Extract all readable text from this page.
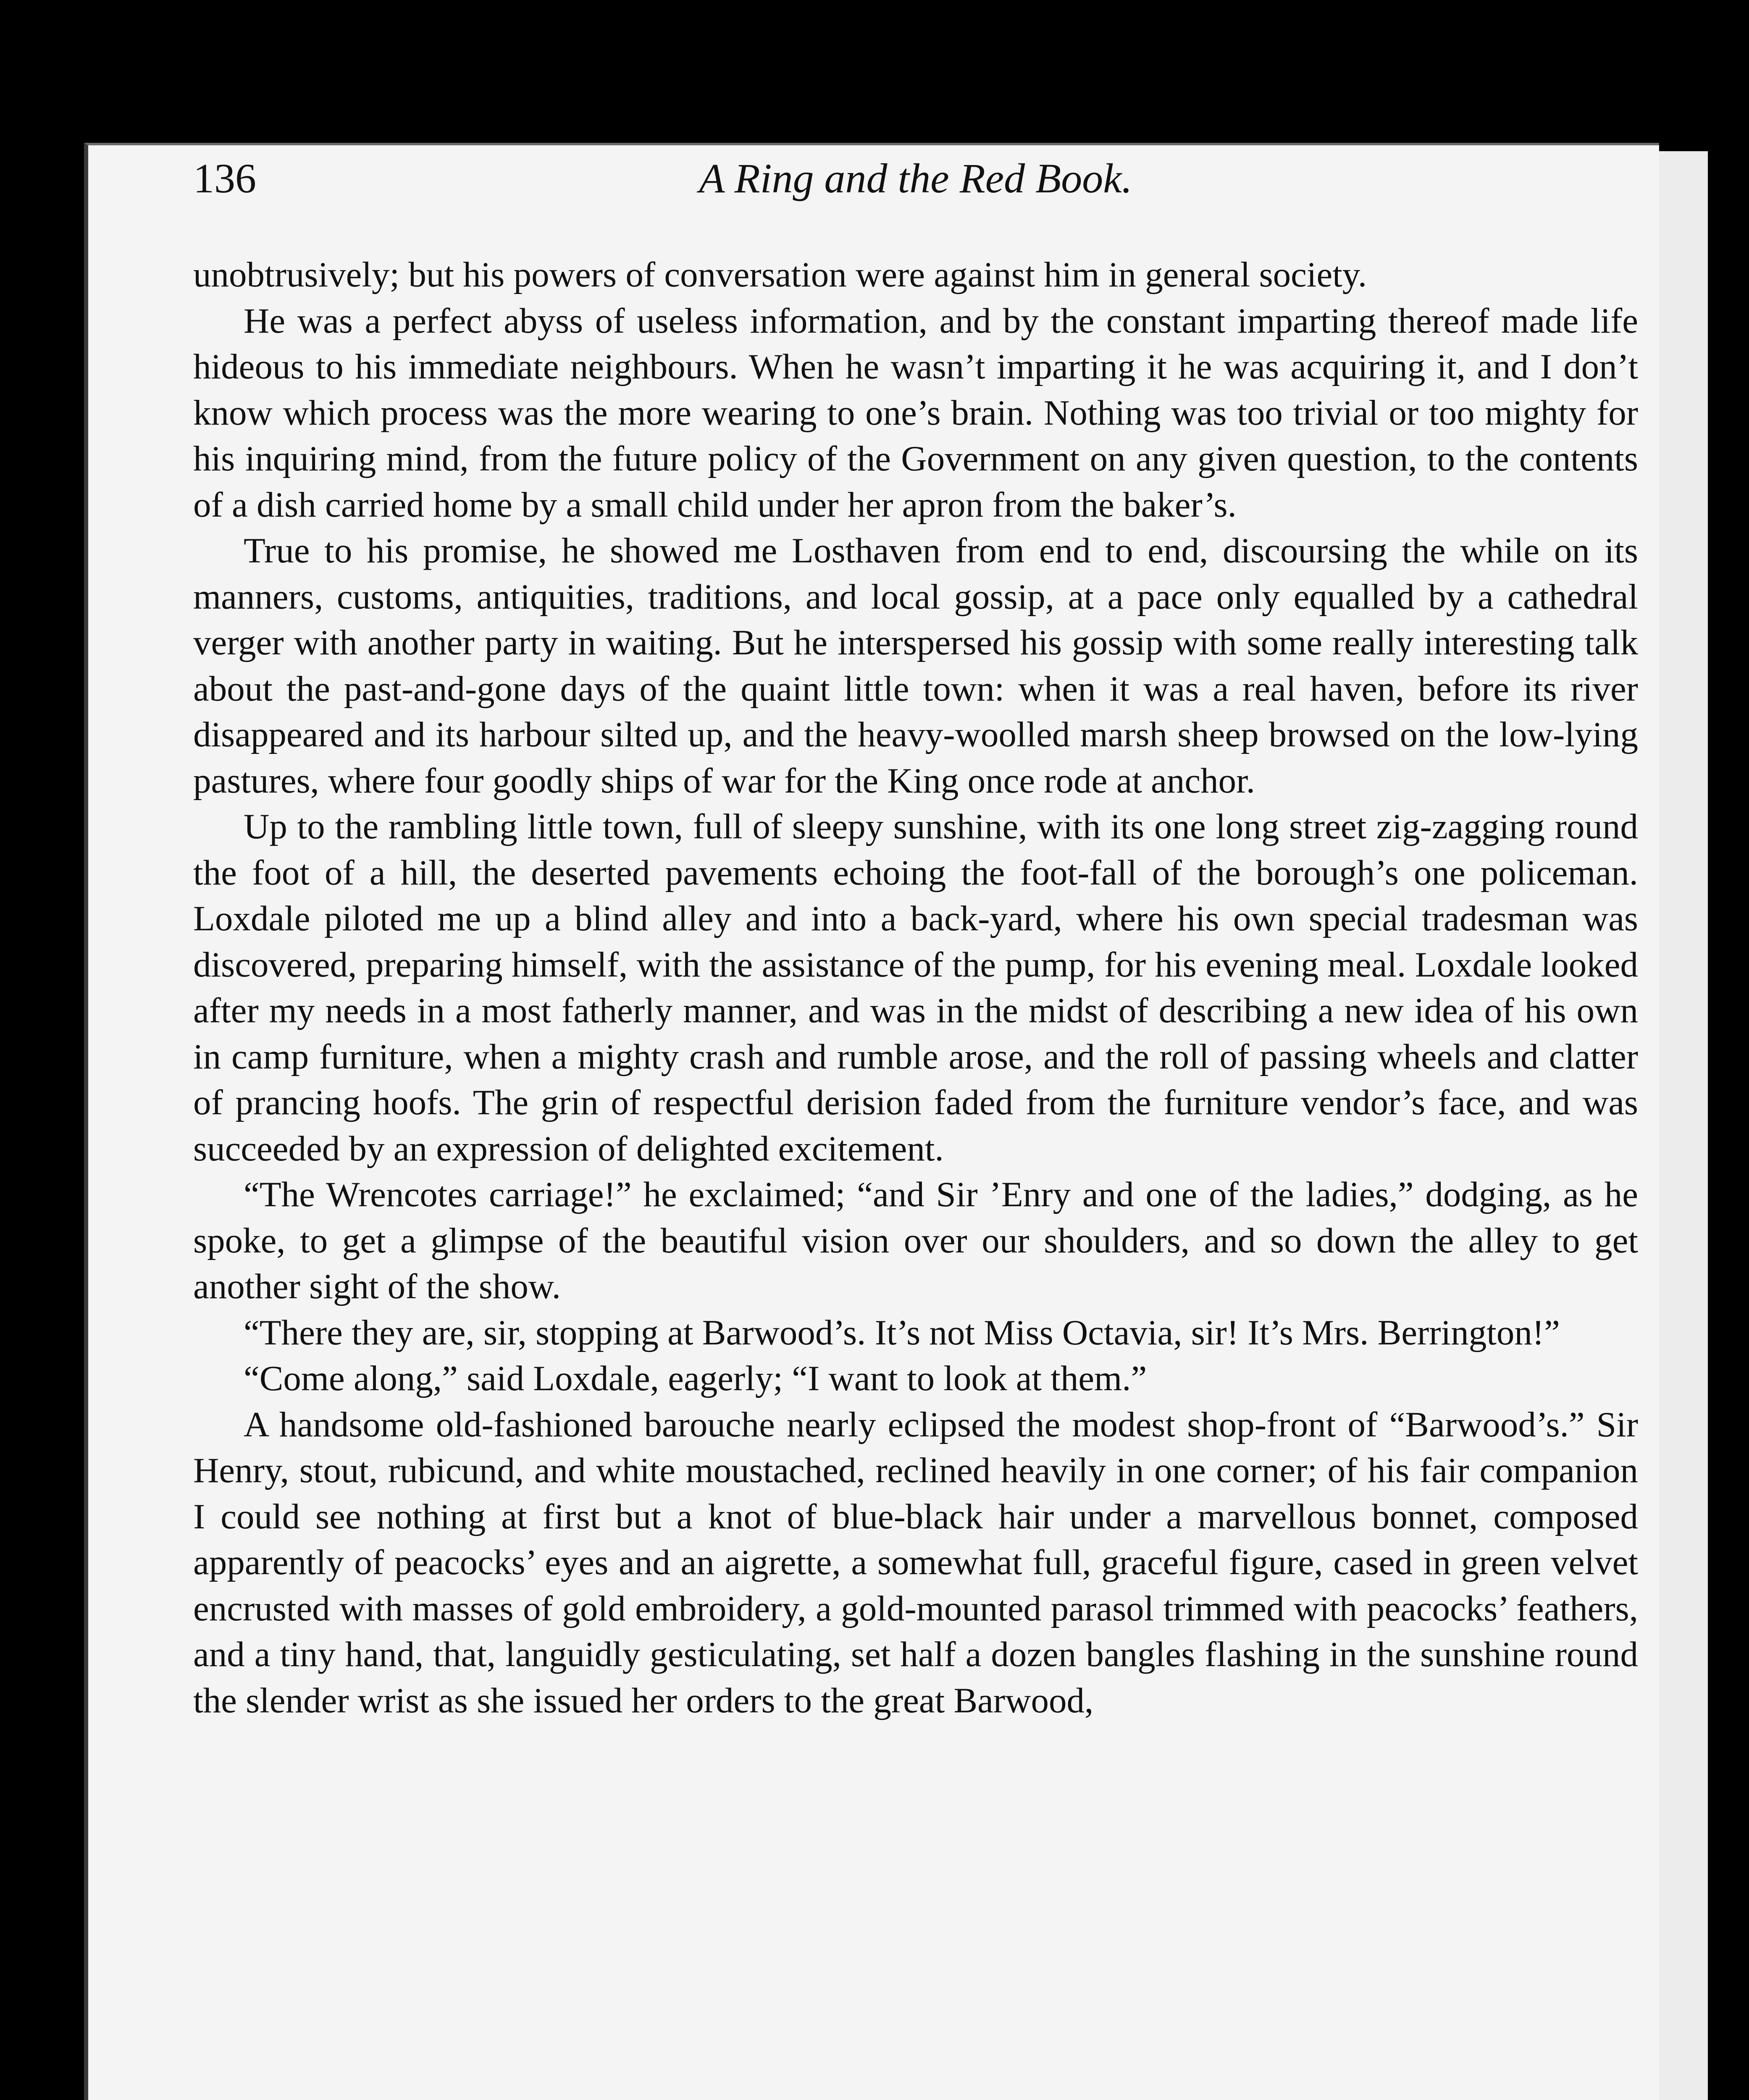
136	A Ring and the Red Book.

unobtrusively; but his powers of conversation were against him in general society.

He was a perfect abyss of useless information, and by the constant imparting thereof made life hideous to his immediate neighbours. When he wasn’t imparting it he was acquiring it, and I don’t know which process was the more wearing to one’s brain. Nothing was too trivial or too mighty for his inquiring mind, from the future policy of the Government on any given question, to the contents of a dish carried home by a small child under her apron from the baker’s.

True to his promise, he showed me Losthaven from end to end, discoursing the while on its manners, customs, antiquities, traditions, and local gossip, at a pace only equalled by a cathedral verger with another party in waiting. But he interspersed his gossip with some really interesting talk about the past-and-gone days of the quaint little town: when it was a real haven, before its river disappeared and its harbour silted up, and the heavy-woolled marsh sheep browsed on the low-lying pastures, where four goodly ships of war for the King once rode at anchor.

Up to the rambling little town, full of sleepy sunshine, with its one long street zig-zagging round the foot of a hill, the deserted pavements echoing the foot-fall of the borough’s one policeman. Loxdale piloted me up a blind alley and into a back-yard, where his own special tradesman was discovered, preparing himself, with the assistance of the pump, for his evening meal. Loxdale looked after my needs in a most fatherly manner, and was in the midst of describing a new idea of his own in camp furniture, when a mighty crash and rumble arose, and the roll of passing wheels and clatter of prancing hoofs. The grin of respectful derision faded from the furniture vendor’s face, and was succeeded by an expression of delighted excitement.

“The Wrencotes carriage!” he exclaimed; “and Sir ’Enry and one of the ladies,” dodging, as he spoke, to get a glimpse of the beautiful vision over our shoulders, and so down the alley to get another sight of the show.

“There they are, sir, stopping at Barwood’s. It’s not Miss Octavia, sir! It’s Mrs. Berrington!”

“Come along,” said Loxdale, eagerly; “I want to look at them.”

A handsome old-fashioned barouche nearly eclipsed the modest shop-front of “Barwood’s.” Sir Henry, stout, rubicund, and white moustached, reclined heavily in one corner; of his fair companion I could see nothing at first but a knot of blue-black hair under a marvellous bonnet, composed apparently of peacocks’ eyes and an aigrette, a somewhat full, graceful figure, cased in green velvet encrusted with masses of gold embroidery, a gold-mounted parasol trimmed with peacocks’ feathers, and a tiny hand, that, languidly gesticulating, set half a dozen bangles flashing in the sunshine round the slender wrist as she issued her orders to the great Barwood,
